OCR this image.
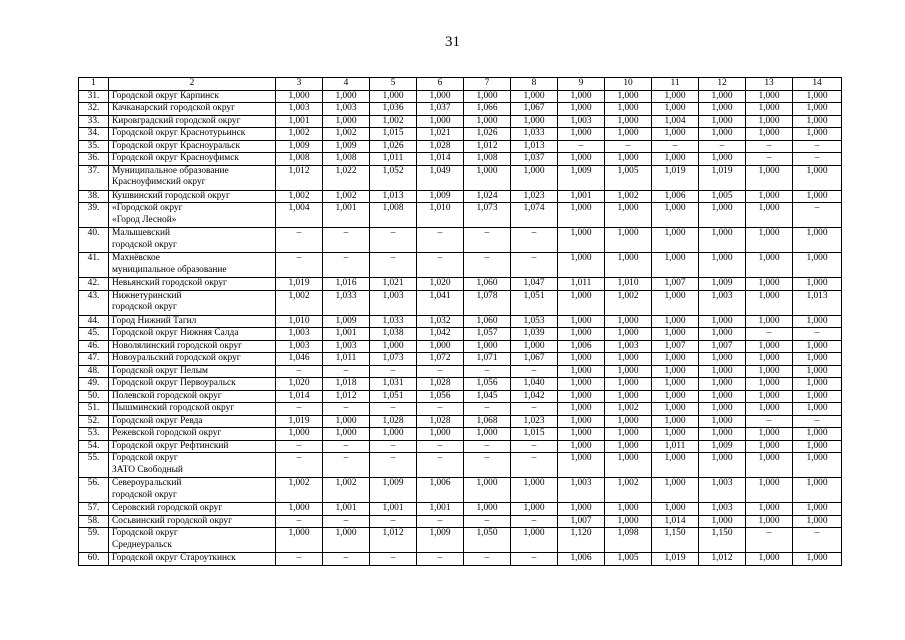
31
1	2	3	4	5	6	7	8	9	10	11	12	13	14
31.	Городской округ Карпинск	1,000	1,000	1,000	1,000	1,000	1,000	1,000	1,000	1,000	1,000	1,000	1,000
32.	Качканарский городской округ	1,003	1,003	1,036	1,037	1,066	1,067	1,000	1,000	1,000	1,000	1,000	1,000
33.	Кировградский городской округ	1,001	1,000	1,002	1,000	1,000	1,000	1,003	1,000	1,004	1,000	1,000	1,000
34.	Городской округ Краснотурьинск	1,002	1,002	1,015	1,021	1,026	1,033	1,000	1,000	1,000	1,000	1,000	1,000
35.	Городской округ Красноуральск	1,009	1,009	1,026	1,028	1,012	1,013	–	–	–	–	–	–
36.	Городской округ Красноуфимск	1,008	1,008	1,011	1,014	1,008	1,037	1,000	1,000	1,000	1,000	–	–
37.	Муниципальное образование
Красноуфимский округ	1,012	1,022	1,052	1,049	1,000	1,000	1,009	1,005	1,019	1,019	1,000	1,000
38.	Кушвинский городской округ	1,002	1,002	1,013	1,009	1,024	1,023	1,001	1,002	1,006	1,005	1,000	1,000
39.	«Городской округ
«Город Лесной»	1,004	1,001	1,008	1,010	1,073	1,074	1,000	1,000	1,000	1,000	1,000	–
40.	Малышевский
городской округ	–	–	–	–	–	–	1,000	1,000	1,000	1,000	1,000	1,000
41.	Махнёвское
муниципальное образование	–	–	–	–	–	–	1,000	1,000	1,000	1,000	1,000	1,000
42.	Невьянский городской округ	1,019	1,016	1,021	1,020	1,060	1,047	1,011	1,010	1,007	1,009	1,000	1,000
43.	Нижнетуринский
городской округ	1,002	1,033	1,003	1,041	1,078	1,051	1,000	1,002	1,000	1,003	1,000	1,013
44.	Город Нижний Тагил	1,010	1,009	1,033	1,032	1,060	1,053	1,000	1,000	1,000	1,000	1,000	1,000
45.	Городской округ Нижняя Салда	1,003	1,001	1,038	1,042	1,057	1,039	1,000	1,000	1,000	1,000	–	–
46.	Новолялинский городской округ	1,003	1,003	1,000	1,000	1,000	1,000	1,006	1,003	1,007	1,007	1,000	1,000
47.	Новоуральский городской округ	1,046	1,011	1,073	1,072	1,071	1,067	1,000	1,000	1,000	1,000	1,000	1,000
48.	Городской округ Пелым	–	–	–	–	–	–	1,000	1,000	1,000	1,000	1,000	1,000
49.	Городской округ Первоуральск	1,020	1,018	1,031	1,028	1,056	1,040	1,000	1,000	1,000	1,000	1,000	1,000
50.	Полевской городской округ	1,014	1,012	1,051	1,056	1,045	1,042	1,000	1,000	1,000	1,000	1,000	1,000
51.	Пышминский городской округ	–	–	–	–	–	–	1,000	1,002	1,000	1,000	1,000	1,000
52.	Городской округ Ревда	1,019	1,000	1,028	1,028	1,068	1,023	1,000	1,000	1,000	1,000	–	–
53.	Режевской городской округ	1,000	1,000	1,000	1,000	1,000	1,015	1,000	1,000	1,000	1,000	1,000	1,000
54.	Городской округ Рефтинский	–	–	–	–	–	–	1,000	1,000	1,011	1,009	1,000	1,000
55.	Городской округ
ЗАТО Свободный	–	–	–	–	–	–	1,000	1,000	1,000	1,000	1,000	1,000
56.	Североуральский
городской округ	1,002	1,002	1,009	1,006	1,000	1,000	1,003	1,002	1,000	1,003	1,000	1,000
57.	Серовский городской округ	1,000	1,001	1,001	1,001	1,000	1,000	1,000	1,000	1,000	1,003	1,000	1,000
58.	Сосьвинский городской округ	–	–	–	–	–	–	1,007	1,000	1,014	1,000	1,000	1,000
59.	Городской округ
Среднеуральск	1,000	1,000	1,012	1,009	1,050	1,000	1,120	1,098	1,150	1,150	–	–
60.	Городской округ Староуткинск	–	–	–	–	–	–	1,006	1,005	1,019	1,012	1,000	1,000
